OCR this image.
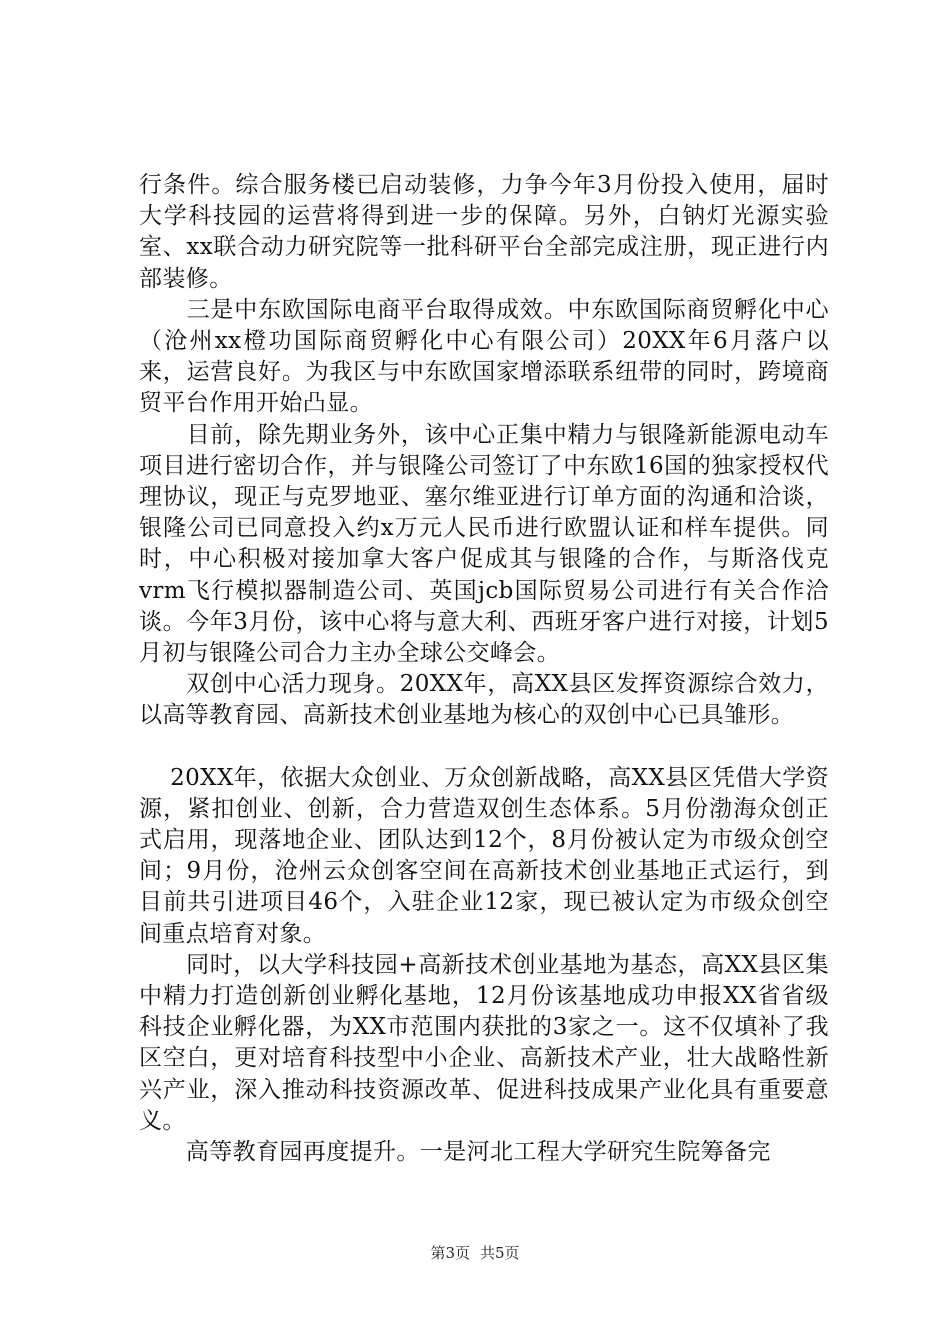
行条件。综合服务楼已启动装修，力争今年3月份投入使用，届时大学科技园的运营将得到进一步的保障。另外，白钠灯光源实验室、xx联合动力研究院等一批科研平台全部完成注册，现正进行内部装修。

　　三是中东欧国际电商平台取得成效。中东欧国际商贸孵化中心（沧州xx橙功国际商贸孵化中心有限公司）20XX年6月落户以来，运营良好。为我区与中东欧国家增添联系纽带的同时，跨境商贸平台作用开始凸显。

　　目前，除先期业务外，该中心正集中精力与银隆新能源电动车项目进行密切合作，并与银隆公司签订了中东欧16国的独家授权代理协议，现正与克罗地亚、塞尔维亚进行订单方面的沟通和洽谈，银隆公司已同意投入约x万元人民币进行欧盟认证和样车提供。同时，中心积极对接加拿大客户促成其与银隆的合作，与斯洛伐克vrm飞行模拟器制造公司、英国jcb国际贸易公司进行有关合作洽谈。今年3月份，该中心将与意大利、西班牙客户进行对接，计划5月初与银隆公司合力主办全球公交峰会。

　　双创中心活力现身。20XX年，高XX县区发挥资源综合效力，以高等教育园、高新技术创业基地为核心的双创中心已具雏形。

　 20XX年，依据大众创业、万众创新战略，高XX县区凭借大学资源，紧扣创业、创新，合力营造双创生态体系。5月份渤海众创正式启用，现落地企业、团队达到12个，8月份被认定为市级众创空间；9月份，沧州云众创客空间在高新技术创业基地正式运行，到目前共引进项目46个，入驻企业12家，现已被认定为市级众创空间重点培育对象。

　　同时，以大学科技园+高新技术创业基地为基态，高XX县区集中精力打造创新创业孵化基地，12月份该基地成功申报XX省省级科技企业孵化器，为XX市范围内获批的3家之一。这不仅填补了我区空白，更对培育科技型中小企业、高新技术产业，壮大战略性新兴产业，深入推动科技资源改革、促进科技成果产业化具有重要意义。

　　高等教育园再度提升。一是河北工程大学研究生院筹备完

第3页 共5页
